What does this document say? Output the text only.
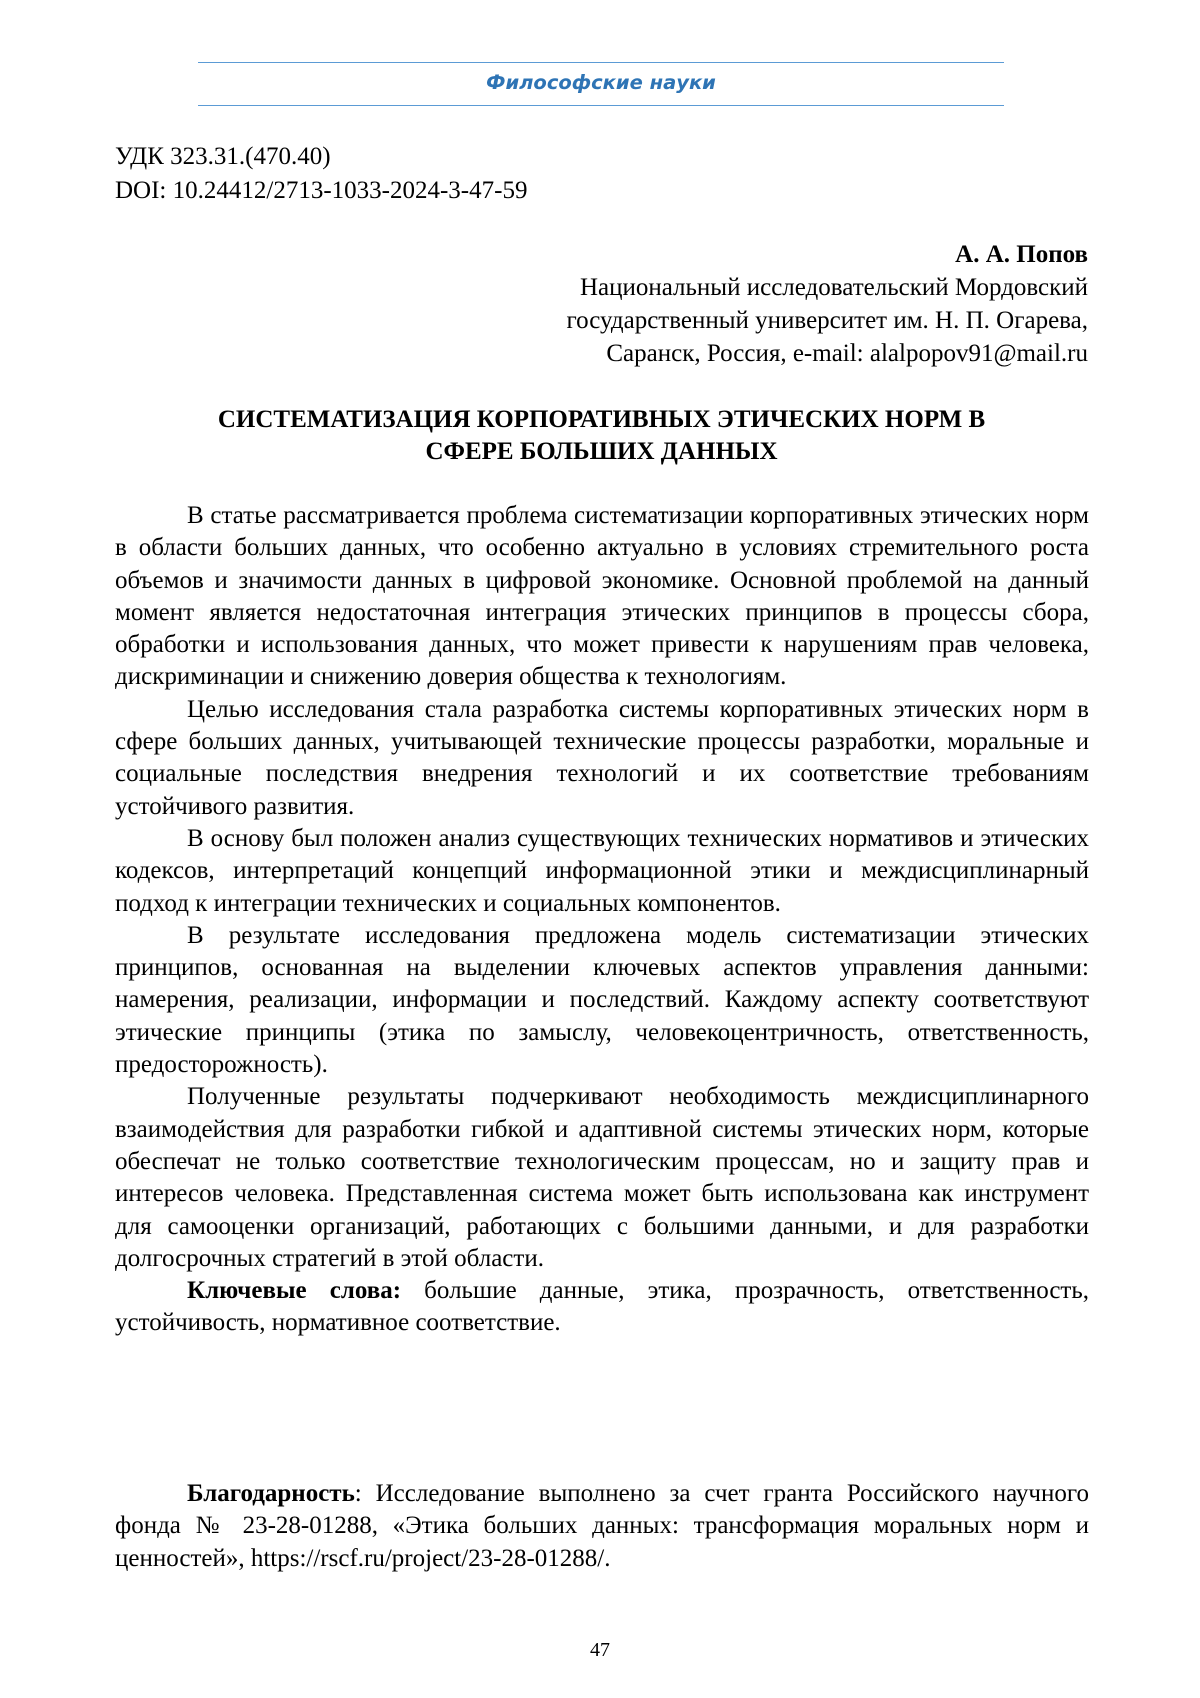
Философские науки
УДК 323.31.(470.40)
DOI: 10.24412/2713-1033-2024-3-47-59
А. А. Попов
Национальный исследовательский Мордовский
государственный университет им. Н. П. Огарева,
Саранск, Россия, e-mail: alalpopov91@mail.ru
СИСТЕМАТИЗАЦИЯ КОРПОРАТИВНЫХ ЭТИЧЕСКИХ НОРМ В
СФЕРЕ БОЛЬШИХ ДАННЫХ

В статье рассматривается проблема систематизации корпоративных этических норм в области больших данных, что особенно актуально в условиях стремительного роста объемов и значимости данных в цифровой экономике. Основной проблемой на данный момент является недостаточная интеграция этических принципов в процессы сбора, обработки и использования данных, что может привести к нарушениям прав человека, дискриминации и снижению доверия общества к технологиям.

Целью исследования стала разработка системы корпоративных этических норм в сфере больших данных, учитывающей технические процессы разработки, моральные и социальные последствия внедрения технологий и их соответствие требованиям устойчивого развития.

В основу был положен анализ существующих технических нормативов и этических кодексов, интерпретаций концепций информационной этики и междисциплинарный подход к интеграции технических и социальных компонентов.

В результате исследования предложена модель систематизации этических принципов, основанная на выделении ключевых аспектов управления данными: намерения, реализации, информации и последствий. Каждому аспекту соответствуют этические принципы (этика по замыслу, человекоцентричность, ответственность, предосторожность).

Полученные результаты подчеркивают необходимость междисциплинарного взаимодействия для разработки гибкой и адаптивной системы этических норм, которые обеспечат не только соответствие технологическим процессам, но и защиту прав и интересов человека. Представленная система может быть использована как инструмент для самооценки организаций, работающих с большими данными, и для разработки долгосрочных стратегий в этой области.

Ключевые слова: большие данные, этика, прозрачность, ответственность, устойчивость, нормативное соответствие.

Благодарность: Исследование выполнено за счет гранта Российского научного фонда № 23-28-01288, «Этика больших данных: трансформация моральных норм и ценностей», https://rscf.ru/project/23-28-01288/.

47
